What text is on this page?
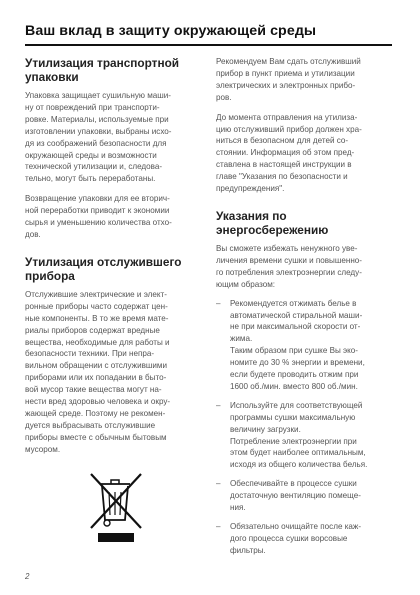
Ваш вклад в защиту окружающей среды
Утилизация транспортной
упаковки

Упаковка защищает сушильную маши-
ну от повреждений при транспорти-
ровке. Материалы, используемые при
изготовлении упаковки, выбраны исхо-
дя из соображений безопасности для
окружающей среды и возможности
технической утилизации и, следова-
тельно, могут быть переработаны.

Возвращение упаковки для ее вторич-
ной переработки приводит к экономии
сырья и уменьшению количества отхо-
дов.

Утилизация отслужившего
прибора

Отслужившие электрические и элект-
ронные приборы часто содержат цен-
ные компоненты. В то же время мате-
риалы приборов содержат вредные
вещества, необходимые для работы и
безопасности техники. При непра-
вильном обращении с отслужившими
приборами или их попадании в быто-
вой мусор такие вещества могут на-
нести вред здоровью человека и окру-
жающей среде. Поэтому не рекомен-
дуется выбрасывать отслужившие
приборы вместе с обычным бытовым
мусором.

Рекомендуем Вам сдать отслуживший
прибор в пункт приема и утилизации
электрических и электронных прибо-
ров.

До момента отправления на утилиза-
цию отслуживший прибор должен хра-
ниться в безопасном для детей со-
стоянии. Информация об этом пред-
ставлена в настоящей инструкции в
главе "Указания по безопасности и
предупреждения".

Указания по
энергосбережению

Вы сможете избежать ненужного уве-
личения времени сушки и повышенно-
го потребления электроэнергии следу-
ющим образом:

– Рекомендуется отжимать белье в
автоматической стиральной маши-
не при максимальной скорости от-
жима.
Таким образом при сушке Вы эко-
номите до 30 % энергии и времени,
если будете проводить отжим при
1600 об./мин. вместо 800 об./мин.
– Используйте для соответствующей
программы сушки максимальную
величину загрузки.
Потребление электроэнергии при
этом будет наиболее оптимальным,
исходя из общего количества белья.
– Обеспечивайте в процессе сушки
достаточную вентиляцию помеще-
ния.
– Обязательно очищайте после каж-
дого процесса сушки ворсовые
фильтры.
2
